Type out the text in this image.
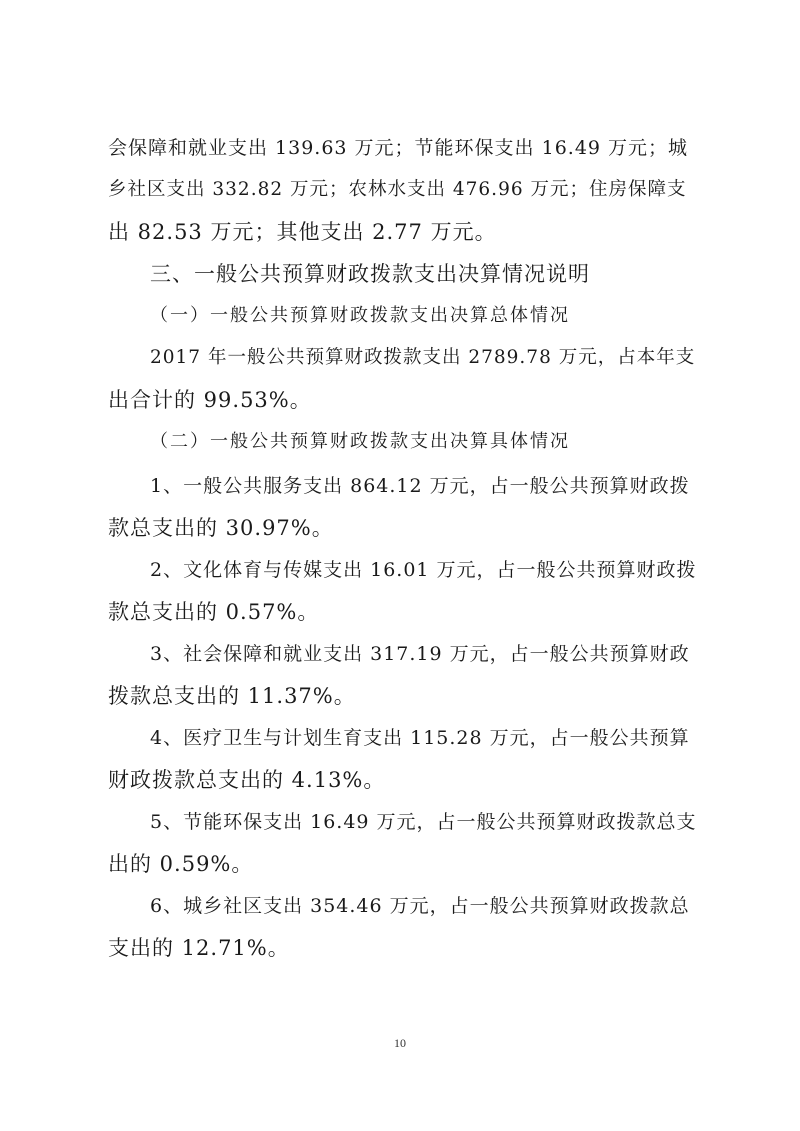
会保障和就业支出 139.63 万元；节能环保支出 16.49 万元；城
乡社区支出 332.82 万元；农林水支出 476.96 万元；住房保障支
出 82.53 万元；其他支出 2.77 万元。
三、一般公共预算财政拨款支出决算情况说明
（一）一般公共预算财政拨款支出决算总体情况
2017 年一般公共预算财政拨款支出 2789.78 万元，占本年支
出合计的 99.53%。
（二）一般公共预算财政拨款支出决算具体情况
1、一般公共服务支出 864.12 万元，占一般公共预算财政拨
款总支出的 30.97%。
2、文化体育与传媒支出 16.01 万元，占一般公共预算财政拨
款总支出的 0.57%。
3、社会保障和就业支出 317.19 万元，占一般公共预算财政
拨款总支出的 11.37%。
4、医疗卫生与计划生育支出 115.28 万元，占一般公共预算
财政拨款总支出的 4.13%。
5、节能环保支出 16.49 万元，占一般公共预算财政拨款总支
出的 0.59%。
6、城乡社区支出 354.46 万元，占一般公共预算财政拨款总
支出的 12.71%。
10
